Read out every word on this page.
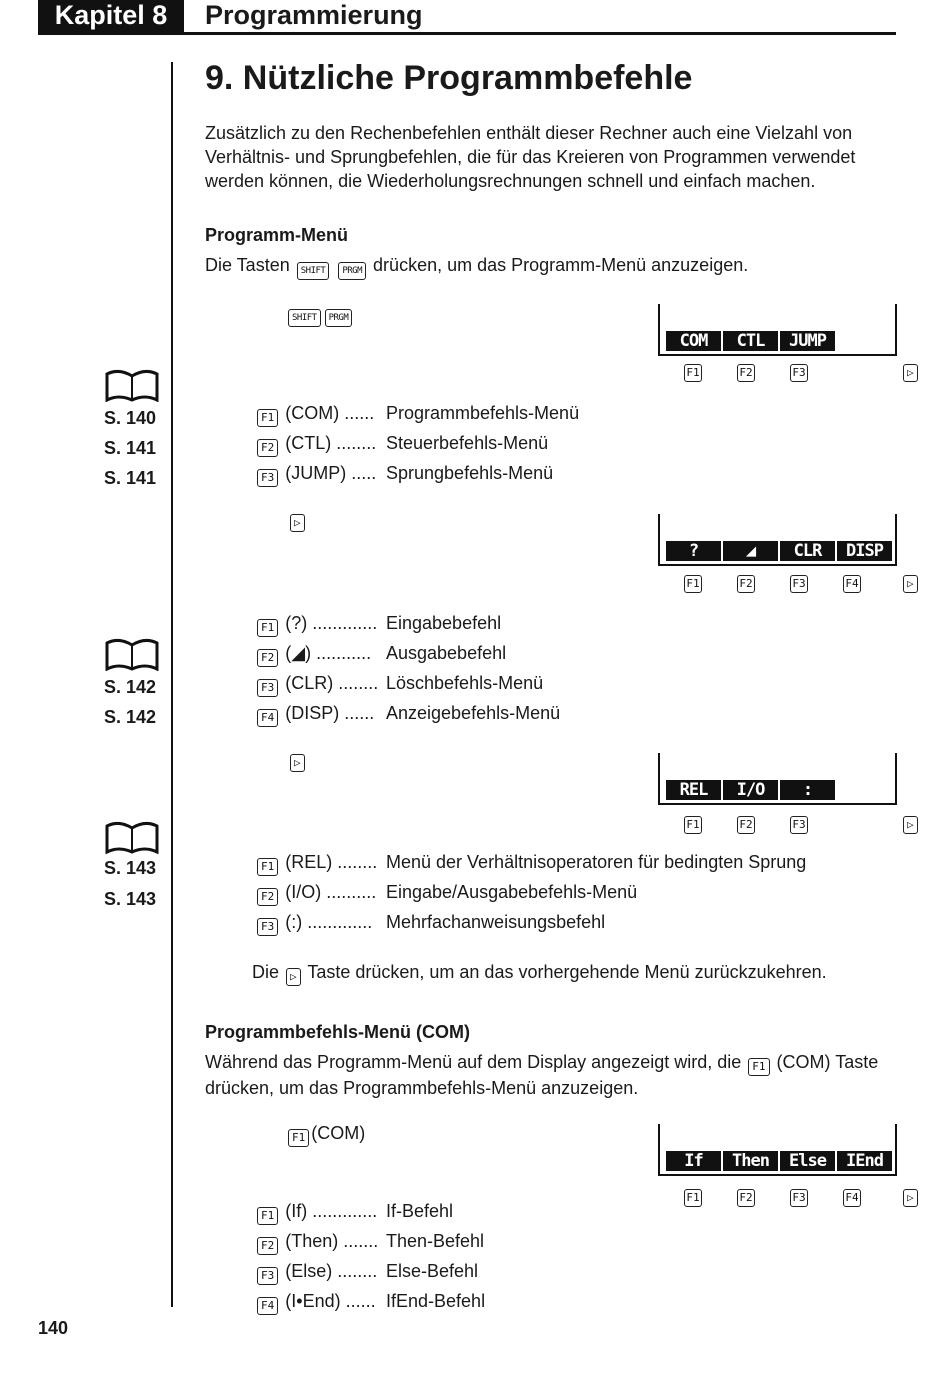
Kapitel 8	Programmierung
9. Nützliche Programmbefehle

Zusätzlich zu den Rechenbefehlen enthält dieser Rechner auch eine Vielzahl von Verhältnis- und Sprungbefehlen, die für das Kreieren von Programmen verwendet werden können, die Wiederholungsrechnungen schnell und einfach machen.

Programm-Menü

Die Tasten SHIFT PRGM drücken, um das Programm-Menü anzuzeigen.

SHIFT PRGM
COM	CTL	JUMP
F1	F2	F3	▷
S. 140
S. 141
S. 141
F1 (COM) ...... Programmbefehls-Menü
F2 (CTL) ........ Steuerbefehls-Menü
F3 (JUMP) ..... Sprungbefehls-Menü
▷
?	◢	CLR	DISP
F1	F2	F3	F4	▷
S. 142
S. 142
F1 (?) ............. Eingabebefehl
F2 (◢) ........... Ausgabebefehl
F3 (CLR) ........ Löschbefehls-Menü
F4 (DISP) ...... Anzeigebefehls-Menü
▷
REL	I/O	:
F1	F2	F3	▷
S. 143
S. 143
F1 (REL) ........ Menü der Verhältnisoperatoren für bedingten Sprung
F2 (I/O) .......... Eingabe/Ausgabebefehls-Menü
F3 (:) ............. Mehrfachanweisungsbefehl

Die ▷ Taste drücken, um an das vorhergehende Menü zurückzukehren.

Programmbefehls-Menü (COM)

Während das Programm-Menü auf dem Display angezeigt wird, die F1 (COM) Taste drücken, um das Programmbefehls-Menü anzuzeigen.

F1 (COM)
If	Then	Else	IEnd
F1	F2	F3	F4	▷
F1 (If) ............. If-Befehl
F2 (Then) ....... Then-Befehl
F3 (Else) ........ Else-Befehl
F4 (I•End) ...... IfEnd-Befehl
140
